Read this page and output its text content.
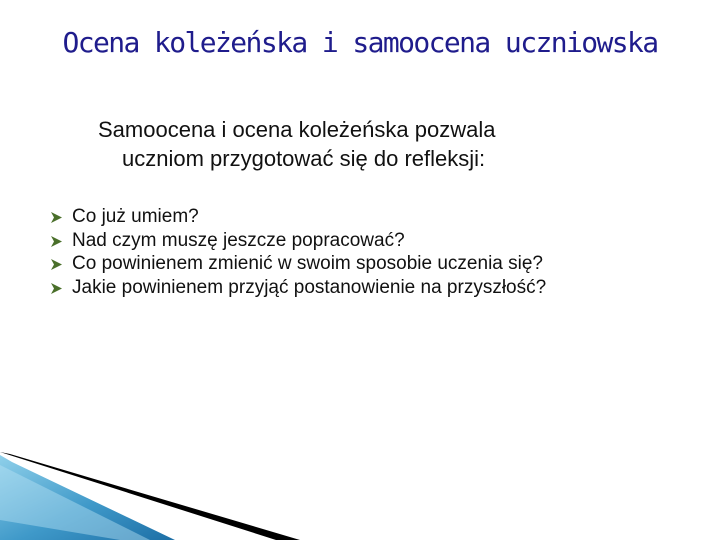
Ocena koleżeńska i samoocena uczniowska
Samoocena i ocena koleżeńska pozwala
uczniom przygotować się do refleksji:
Co już umiem?
Nad czym muszę jeszcze popracować?
Co powinienem zmienić w swoim sposobie uczenia się?
Jakie powinienem przyjąć postanowienie na przyszłość?
